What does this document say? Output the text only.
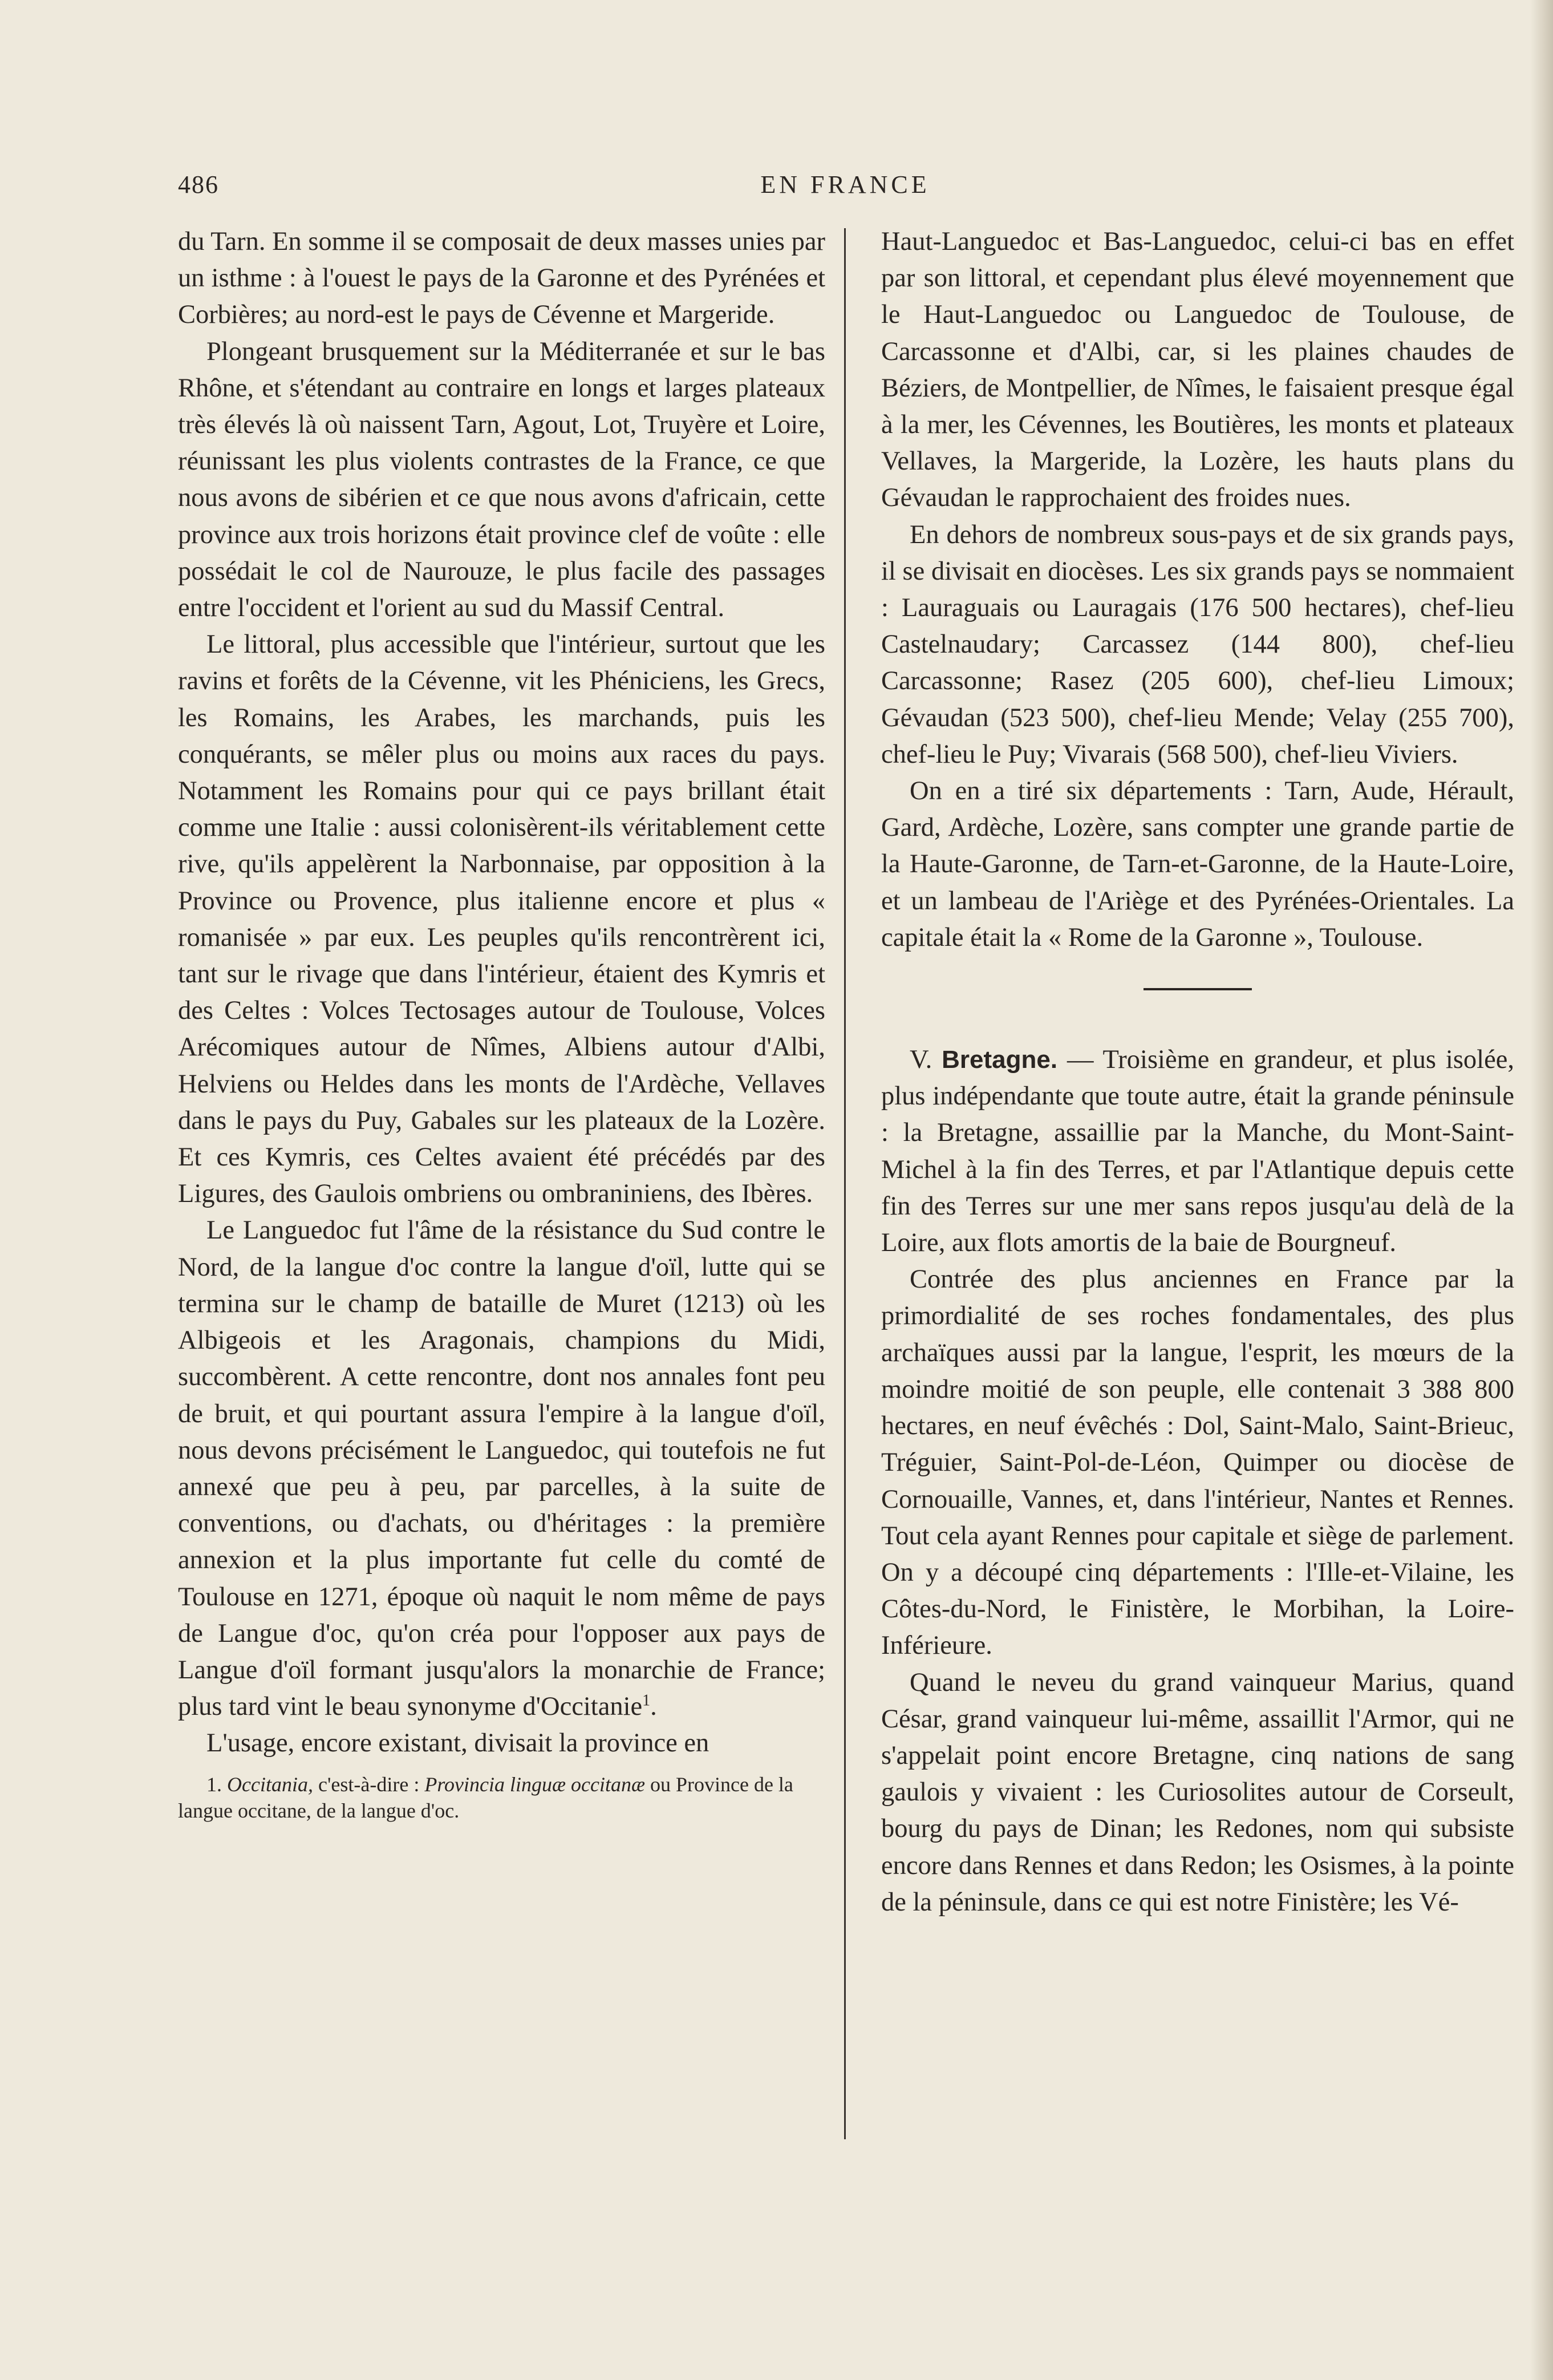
486	EN FRANCE

du Tarn. En somme il se composait de deux masses unies par un isthme : à l'ouest le pays de la Garonne et des Pyrénées et Corbières; au nord-est le pays de Cévenne et Margeride.

Plongeant brusquement sur la Méditerranée et sur le bas Rhône, et s'étendant au contraire en longs et larges plateaux très élevés là où naissent Tarn, Agout, Lot, Truyère et Loire, réunissant les plus violents contrastes de la France, ce que nous avons de sibérien et ce que nous avons d'africain, cette province aux trois horizons était province clef de voûte : elle possédait le col de Naurouze, le plus facile des passages entre l'occident et l'orient au sud du Massif Central.

Le littoral, plus accessible que l'intérieur, surtout que les ravins et forêts de la Cévenne, vit les Phéniciens, les Grecs, les Romains, les Arabes, les marchands, puis les conquérants, se mêler plus ou moins aux races du pays. Notamment les Romains pour qui ce pays brillant était comme une Italie : aussi colonisèrent-ils véritablement cette rive, qu'ils appelèrent la Narbonnaise, par opposition à la Province ou Provence, plus italienne encore et plus « romanisée » par eux. Les peuples qu'ils rencontrèrent ici, tant sur le rivage que dans l'intérieur, étaient des Kymris et des Celtes : Volces Tectosages autour de Toulouse, Volces Arécomiques autour de Nîmes, Albiens autour d'Albi, Helviens ou Heldes dans les monts de l'Ardèche, Vellaves dans le pays du Puy, Gabales sur les plateaux de la Lozère. Et ces Kymris, ces Celtes avaient été précédés par des Ligures, des Gaulois ombriens ou ombraniniens, des Ibères.

Le Languedoc fut l'âme de la résistance du Sud contre le Nord, de la langue d'oc contre la langue d'oïl, lutte qui se termina sur le champ de bataille de Muret (1213) où les Albigeois et les Aragonais, champions du Midi, succombèrent. A cette rencontre, dont nos annales font peu de bruit, et qui pourtant assura l'empire à la langue d'oïl, nous devons précisément le Languedoc, qui toutefois ne fut annexé que peu à peu, par parcelles, à la suite de conventions, ou d'achats, ou d'héritages : la première annexion et la plus importante fut celle du comté de Toulouse en 1271, époque où naquit le nom même de pays de Langue d'oc, qu'on créa pour l'opposer aux pays de Langue d'oïl formant jusqu'alors la monarchie de France; plus tard vint le beau synonyme d'Occitanie$^1$.

L'usage, encore existant, divisait la province en

1. Occitania, c'est-à-dire : Provincia linguæ occitanæ ou Province de la langue occitane, de la langue d'oc.

Haut-Languedoc et Bas-Languedoc, celui-ci bas en effet par son littoral, et cependant plus élevé moyennement que le Haut-Languedoc ou Languedoc de Toulouse, de Carcassonne et d'Albi, car, si les plaines chaudes de Béziers, de Montpellier, de Nîmes, le faisaient presque égal à la mer, les Cévennes, les Boutières, les monts et plateaux Vellaves, la Margeride, la Lozère, les hauts plans du Gévaudan le rapprochaient des froides nues.

En dehors de nombreux sous-pays et de six grands pays, il se divisait en diocèses. Les six grands pays se nommaient : Lauraguais ou Lauragais (176 500 hectares), chef-lieu Castelnaudary; Carcassez (144 800), chef-lieu Carcassonne; Rasez (205 600), chef-lieu Limoux; Gévaudan (523 500), chef-lieu Mende; Velay (255 700), chef-lieu le Puy; Vivarais (568 500), chef-lieu Viviers.

On en a tiré six départements : Tarn, Aude, Hérault, Gard, Ardèche, Lozère, sans compter une grande partie de la Haute-Garonne, de Tarn-et-Garonne, de la Haute-Loire, et un lambeau de l'Ariège et des Pyrénées-Orientales. La capitale était la « Rome de la Garonne », Toulouse.

V. Bretagne. — Troisième en grandeur, et plus isolée, plus indépendante que toute autre, était la grande péninsule : la Bretagne, assaillie par la Manche, du Mont-Saint-Michel à la fin des Terres, et par l'Atlantique depuis cette fin des Terres sur une mer sans repos jusqu'au delà de la Loire, aux flots amortis de la baie de Bourgneuf.

Contrée des plus anciennes en France par la primordialité de ses roches fondamentales, des plus archaïques aussi par la langue, l'esprit, les mœurs de la moindre moitié de son peuple, elle contenait 3 388 800 hectares, en neuf évêchés : Dol, Saint-Malo, Saint-Brieuc, Tréguier, Saint-Pol-de-Léon, Quimper ou diocèse de Cornouaille, Vannes, et, dans l'intérieur, Nantes et Rennes. Tout cela ayant Rennes pour capitale et siège de parlement. On y a découpé cinq départements : l'Ille-et-Vilaine, les Côtes-du-Nord, le Finistère, le Morbihan, la Loire-Inférieure.

Quand le neveu du grand vainqueur Marius, quand César, grand vainqueur lui-même, assaillit l'Armor, qui ne s'appelait point encore Bretagne, cinq nations de sang gaulois y vivaient : les Curiosolites autour de Corseult, bourg du pays de Dinan; les Redones, nom qui subsiste encore dans Rennes et dans Redon; les Osismes, à la pointe de la péninsule, dans ce qui est notre Finistère; les Vé-
